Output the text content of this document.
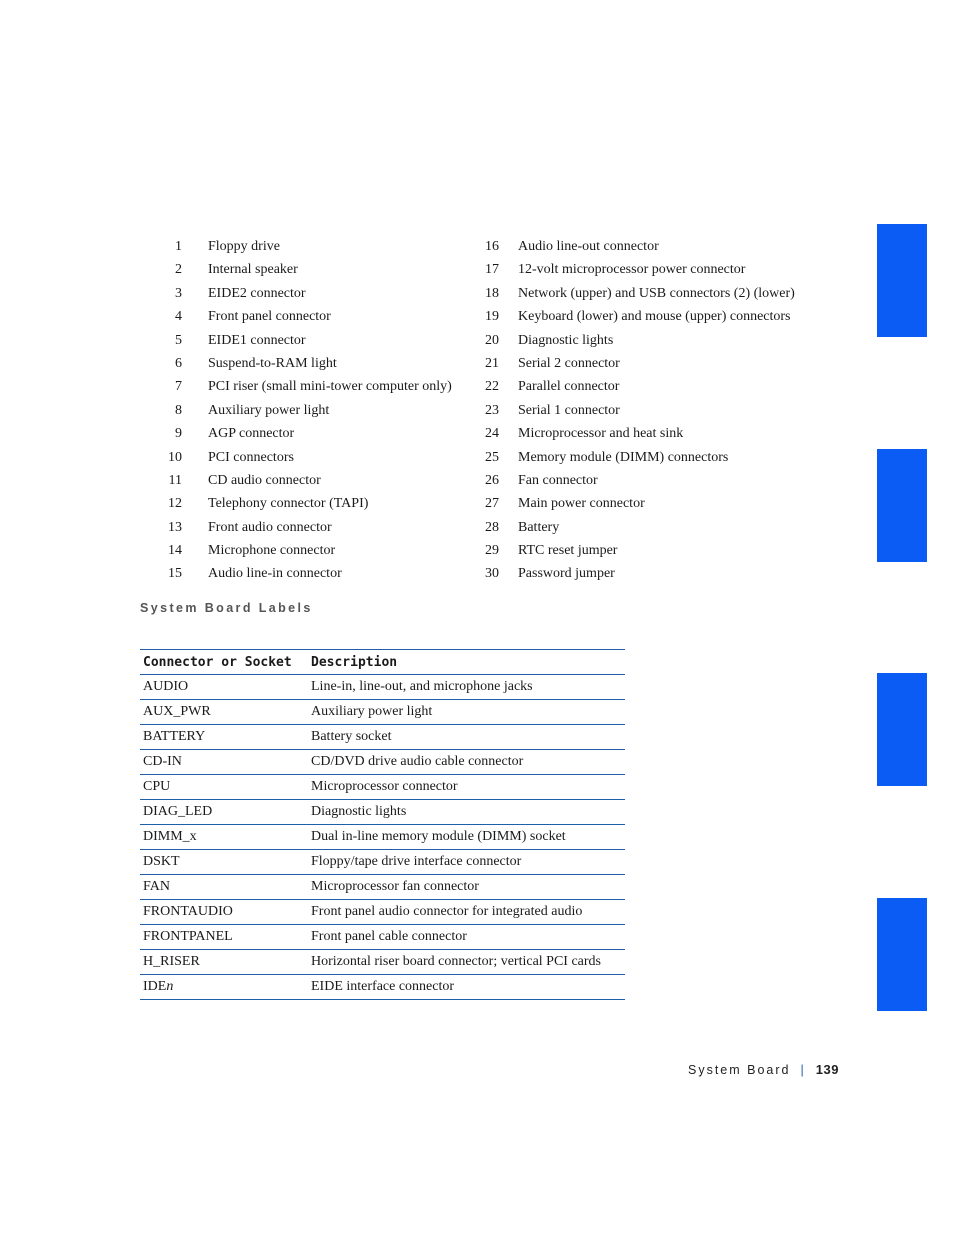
1 Floppy drive
2 Internal speaker
3 EIDE2 connector
4 Front panel connector
5 EIDE1 connector
6 Suspend-to-RAM light
7 PCI riser (small mini-tower computer only)
8 Auxiliary power light
9 AGP connector
10 PCI connectors
11 CD audio connector
12 Telephony connector (TAPI)
13 Front audio connector
14 Microphone connector
15 Audio line-in connector
16 Audio line-out connector
17 12-volt microprocessor power connector
18 Network (upper) and USB connectors (2) (lower)
19 Keyboard (lower) and mouse (upper) connectors
20 Diagnostic lights
21 Serial 2 connector
22 Parallel connector
23 Serial 1 connector
24 Microprocessor and heat sink
25 Memory module (DIMM) connectors
26 Fan connector
27 Main power connector
28 Battery
29 RTC reset jumper
30 Password jumper
System Board Labels
Connector or Socket	Description
AUDIO	Line-in, line-out, and microphone jacks
AUX_PWR	Auxiliary power light
BATTERY	Battery socket
CD-IN	CD/DVD drive audio cable connector
CPU	Microprocessor connector
DIAG_LED	Diagnostic lights
DIMM_x	Dual in-line memory module (DIMM) socket
DSKT	Floppy/tape drive interface connector
FAN	Microprocessor fan connector
FRONTAUDIO	Front panel audio connector for integrated audio
FRONTPANEL	Front panel cable connector
H_RISER	Horizontal riser board connector; vertical PCI cards
IDEn	EIDE interface connector
System Board | 139
